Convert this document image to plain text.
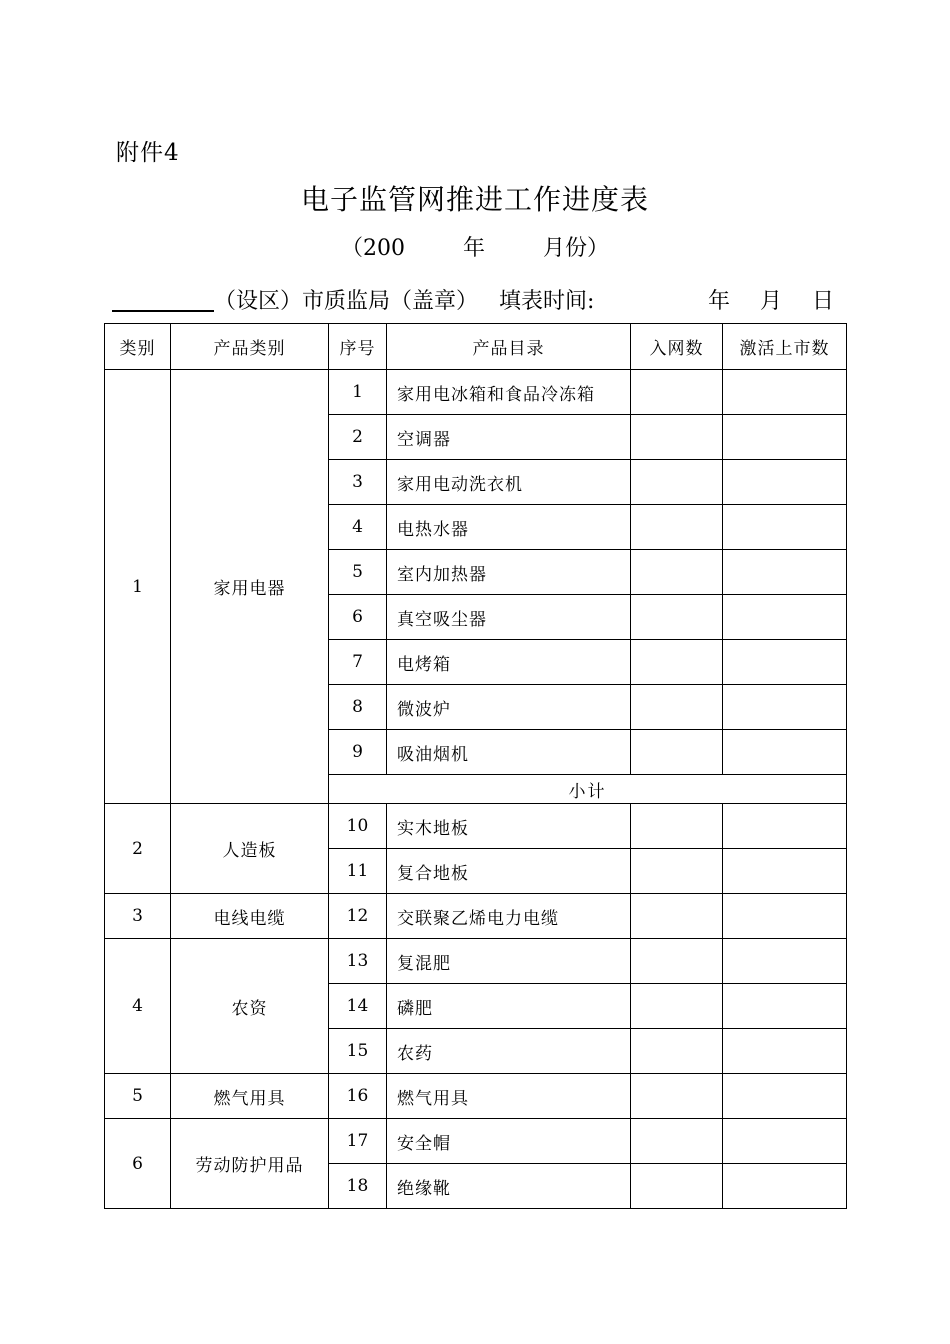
附件4
电子监管网推进工作进度表
（200	年	月份）
（设区）市质监局（盖章） 填表时间:	年 月 日
类别	产品类别	序号	产品目录	入网数	激活上市数
1	家用电器	1	家用电冰箱和食品冷冻箱		
		2	空调器		
		3	家用电动洗衣机		
		4	电热水器		
		5	室内加热器		
		6	真空吸尘器		
		7	电烤箱		
		8	微波炉		
		9	吸油烟机		
		小计			
2	人造板	10	实木地板		
		11	复合地板		
3	电线电缆	12	交联聚乙烯电力电缆		
4	农资	13	复混肥		
		14	磷肥		
		15	农药		
5	燃气用具	16	燃气用具		
6	劳动防护用品	17	安全帽		
		18	绝缘靴		
